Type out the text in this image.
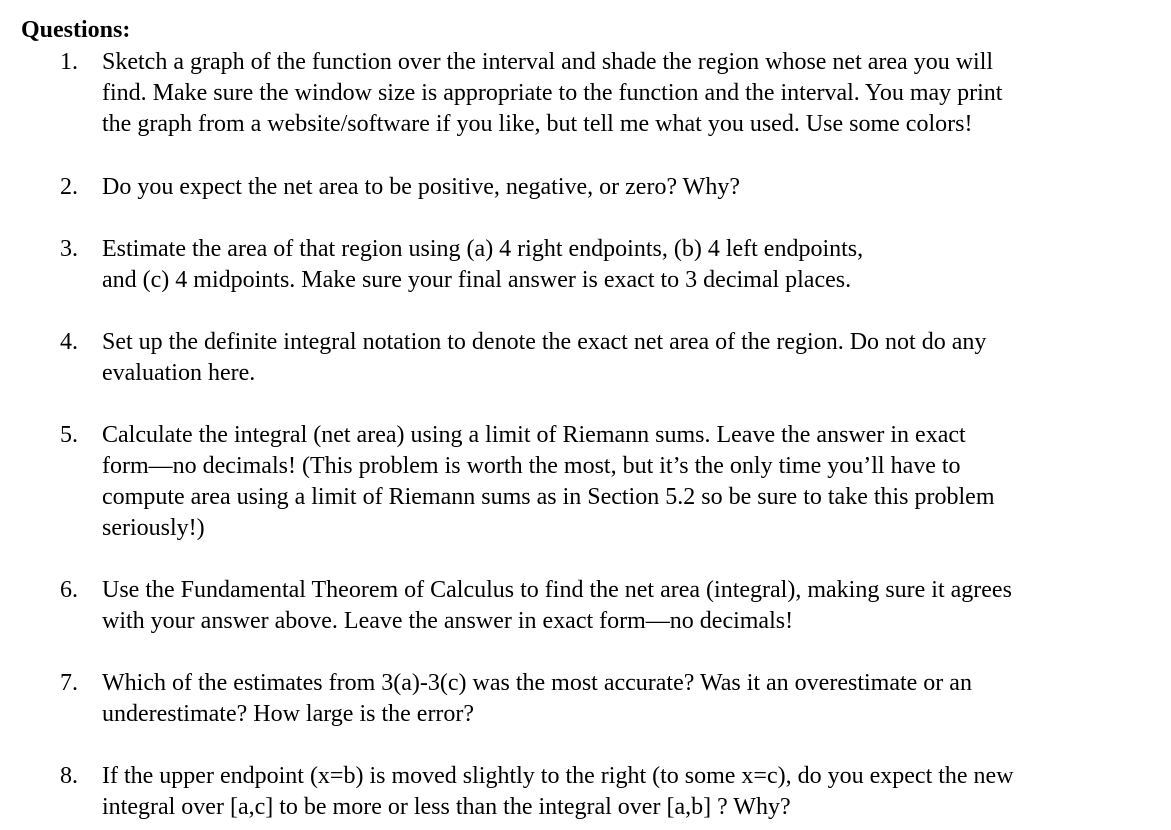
Questions:
1. Sketch a graph of the function over the interval and shade the region whose net area you will
find. Make sure the window size is appropriate to the function and the interval. You may print
the graph from a website/software if you like, but tell me what you used. Use some colors!

2. Do you expect the net area to be positive, negative, or zero? Why?

3. Estimate the area of that region using (a) 4 right endpoints, (b) 4 left endpoints,
and (c) 4 midpoints. Make sure your final answer is exact to 3 decimal places.

4. Set up the definite integral notation to denote the exact net area of the region. Do not do any
evaluation here.

5. Calculate the integral (net area) using a limit of Riemann sums. Leave the answer in exact
form—no decimals! (This problem is worth the most, but it’s the only time you’ll have to
compute area using a limit of Riemann sums as in Section 5.2 so be sure to take this problem
seriously!)

6. Use the Fundamental Theorem of Calculus to find the net area (integral), making sure it agrees
with your answer above. Leave the answer in exact form—no decimals!

7. Which of the estimates from 3(a)-3(c) was the most accurate? Was it an overestimate or an
underestimate? How large is the error?

8. If the upper endpoint (x=b) is moved slightly to the right (to some x=c), do you expect the new
integral over [a,c] to be more or less than the integral over [a,b] ? Why?
